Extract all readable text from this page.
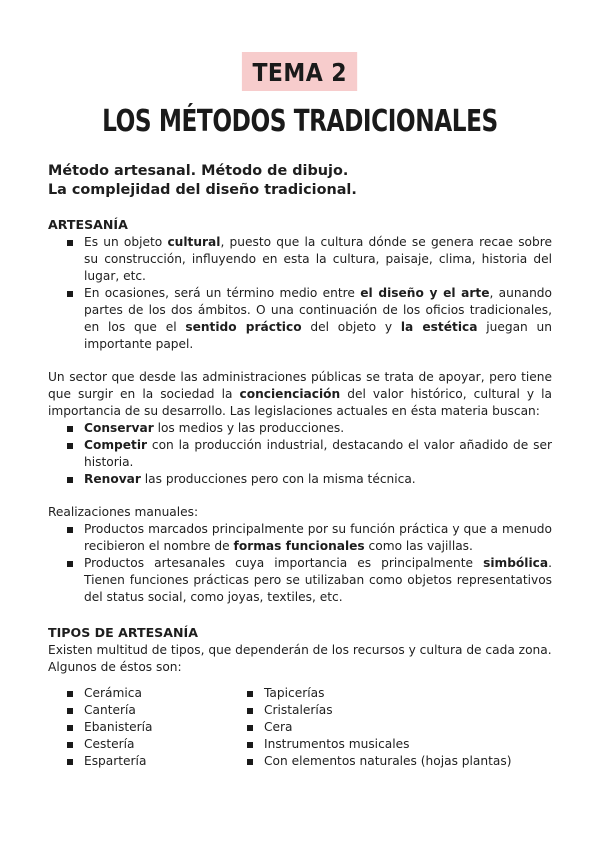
TEMA 2
LOS MÉTODOS TRADICIONALES
Método artesanal. Método de dibujo.
La complejidad del diseño tradicional.
ARTESANÍA
Es un objeto cultural, puesto que la cultura dónde se genera recae sobre su construcción, influyendo en esta la cultura, paisaje, clima, historia del lugar, etc.
En ocasiones, será un término medio entre el diseño y el arte, aunando partes de los dos ámbitos. O una continuación de los oficios tradicionales, en los que el sentido práctico del objeto y la estética juegan un importante papel.

Un sector que desde las administraciones públicas se trata de apoyar, pero tiene que surgir en la sociedad la concienciación del valor histórico, cultural y la importancia de su desarrollo. Las legislaciones actuales en ésta materia buscan:

Conservar los medios y las producciones.
Competir con la producción industrial, destacando el valor añadido de ser historia.
Renovar las producciones pero con la misma técnica.

Realizaciones manuales:

Productos marcados principalmente por su función práctica y que a menudo recibieron el nombre de formas funcionales como las vajillas.
Productos artesanales cuya importancia es principalmente simbólica. Tienen funciones prácticas pero se utilizaban como objetos representativos del status social, como joyas, textiles, etc.
TIPOS DE ARTESANÍA

Existen multitud de tipos, que dependerán de los recursos y cultura de cada zona. Algunos de éstos son:

Cerámica
Cantería
Ebanistería
Cestería
Espartería
Tapicerías
Cristalerías
Cera
Instrumentos musicales
Con elementos naturales (hojas plantas)
